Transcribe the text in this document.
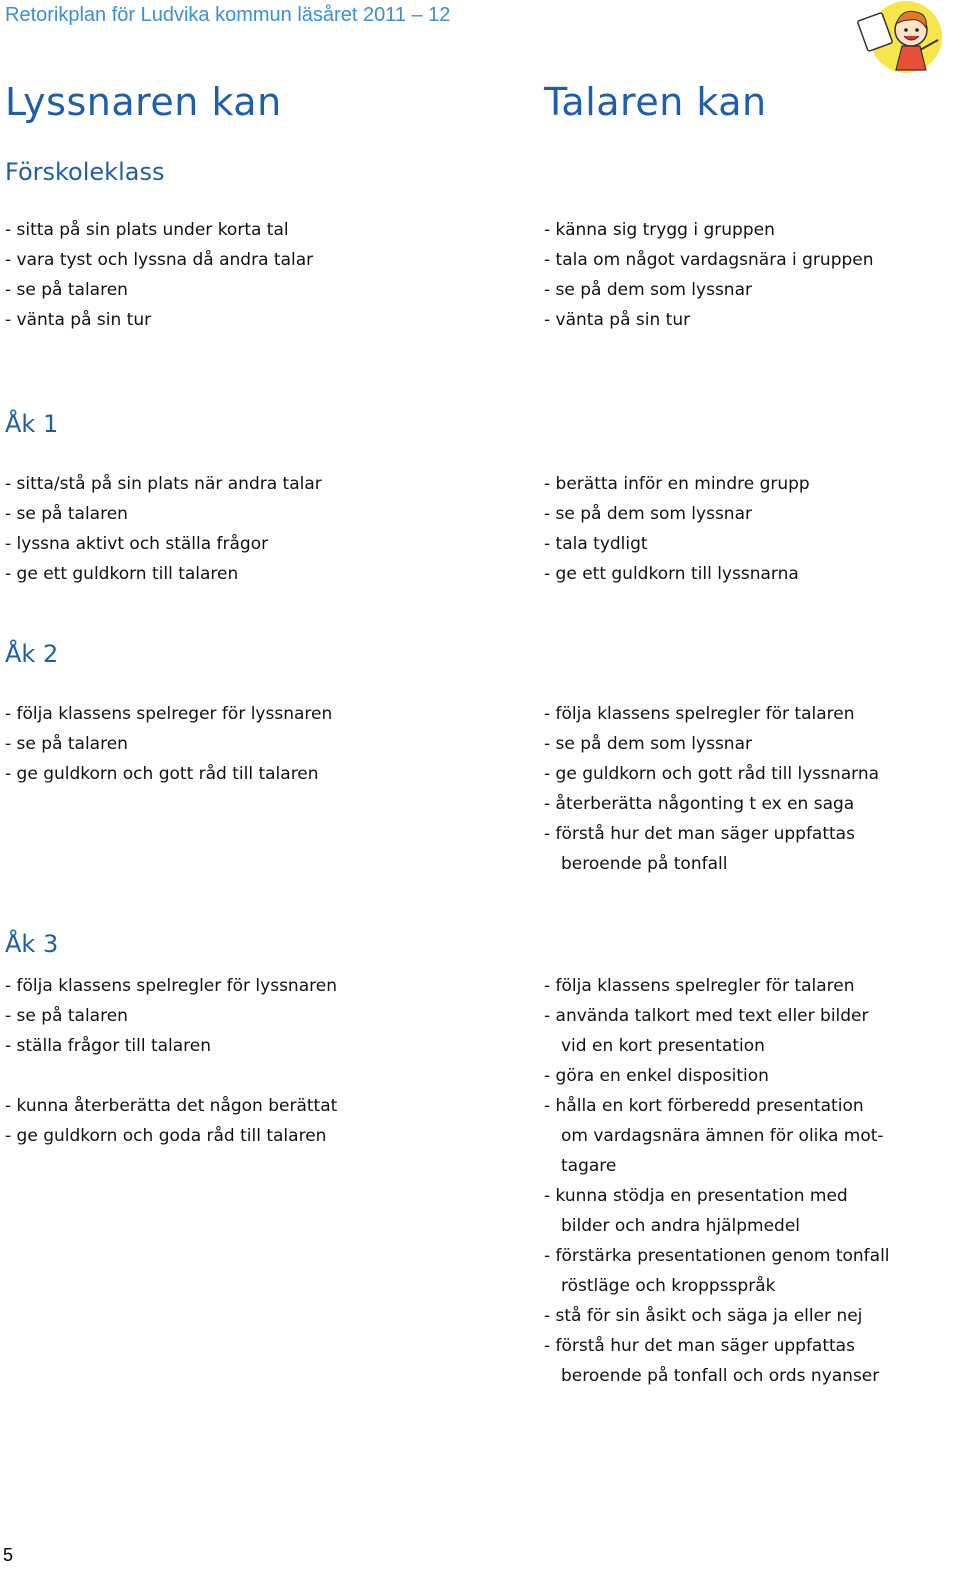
Retorikplan för Ludvika kommun läsåret 2011 – 12
Lyssnaren kan	Talaren kan
Förskoleklass
- sitta på sin plats under korta tal
- vara tyst och lyssna då andra talar
- se på talaren
- vänta på sin tur
- känna sig trygg i gruppen
- tala om något vardagsnära i gruppen
- se på dem som lyssnar
- vänta på sin tur
Åk 1
- sitta/stå på sin plats när andra talar
- se på talaren
- lyssna aktivt och ställa frågor
- ge ett guldkorn till talaren
- berätta inför en mindre grupp
- se på dem som lyssnar
- tala tydligt
- ge ett guldkorn till lyssnarna
Åk 2
- följa klassens spelreger för lyssnaren
- se på talaren
- ge guldkorn och gott råd till talaren
- följa klassens spelregler för talaren
- se på dem som lyssnar
- ge guldkorn och gott råd till lyssnarna
- återberätta någonting t ex en saga
- förstå hur det man säger uppfattas
beroende på tonfall
Åk 3
- följa klassens spelregler för lyssnaren
- se på talaren
- ställa frågor till talaren
- kunna återberätta det någon berättat
- ge guldkorn och goda råd till talaren
- följa klassens spelregler för talaren
- använda talkort med text eller bilder
vid en kort presentation
- göra en enkel disposition
- hålla en kort förberedd presentation
om vardagsnära ämnen för olika mot-
tagare
- kunna stödja en presentation med
bilder och andra hjälpmedel
- förstärka presentationen genom tonfall
röstläge och kroppsspråk
- stå för sin åsikt och säga ja eller nej
- förstå hur det man säger uppfattas
beroende på tonfall och ords nyanser
5
